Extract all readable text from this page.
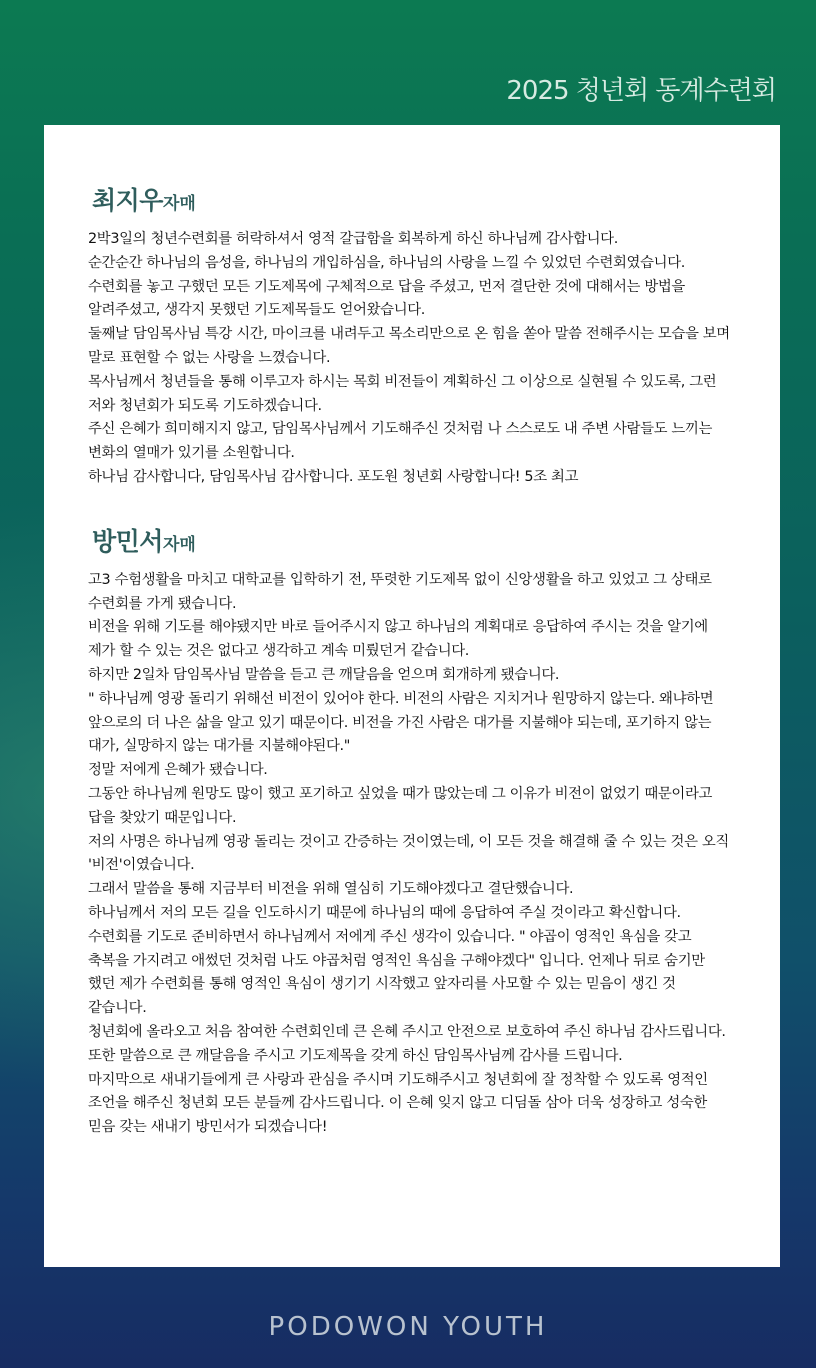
2025 청년회 동계수련회
최지우자매

2박3일의 청년수련회를 허락하셔서 영적 갈급함을 회복하게 하신 하나님께 감사합니다.

순간순간 하나님의 음성을, 하나님의 개입하심을, 하나님의 사랑을 느낄 수 있었던 수련회였습니다. 수련회를 놓고 구했던 모든 기도제목에 구체적으로 답을 주셨고, 먼저 결단한 것에 대해서는 방법을 알려주셨고, 생각지 못했던 기도제목들도 얻어왔습니다.

둘째날 담임목사님 특강 시간, 마이크를 내려두고 목소리만으로 온 힘을 쏟아 말씀 전해주시는 모습을 보며 말로 표현할 수 없는 사랑을 느꼈습니다.

목사님께서 청년들을 통해 이루고자 하시는 목회 비전들이 계획하신 그 이상으로 실현될 수 있도록, 그런 저와 청년회가 되도록 기도하겠습니다.

주신 은혜가 희미해지지 않고, 담임목사님께서 기도해주신 것처럼 나 스스로도 내 주변 사람들도 느끼는 변화의 열매가 있기를 소원합니다.

하나님 감사합니다, 담임목사님 감사합니다. 포도원 청년회 사랑합니다! 5조 최고

방민서자매

고3 수험생활을 마치고 대학교를 입학하기 전, 뚜렷한 기도제목 없이 신앙생활을 하고 있었고 그 상태로 수련회를 가게 됐습니다.

비전을 위해 기도를 해야됐지만 바로 들어주시지 않고 하나님의 계획대로 응답하여 주시는 것을 알기에 제가 할 수 있는 것은 없다고 생각하고 계속 미뤘던거 같습니다.

하지만 2일차 담임목사님 말씀을 듣고 큰 깨달음을 얻으며 회개하게 됐습니다.

" 하나님께 영광 돌리기 위해선 비전이 있어야 한다. 비전의 사람은 지치거나 원망하지 않는다. 왜냐하면 앞으로의 더 나은 삶을 알고 있기 때문이다. 비전을 가진 사람은 대가를 지불해야 되는데, 포기하지 않는 대가, 실망하지 않는 대가를 지불해야된다."

정말 저에게 은혜가 됐습니다.

그동안 하나님께 원망도 많이 했고 포기하고 싶었을 때가 많았는데 그 이유가 비전이 없었기 때문이라고 답을 찾았기 때문입니다.

저의 사명은 하나님께 영광 돌리는 것이고 간증하는 것이였는데, 이 모든 것을 해결해 줄 수 있는 것은 오직 '비전'이였습니다.

그래서 말씀을 통해 지금부터 비전을 위해 열심히 기도해야겠다고 결단했습니다.

하나님께서 저의 모든 길을 인도하시기 때문에 하나님의 때에 응답하여 주실 것이라고 확신합니다. 수련회를 기도로 준비하면서 하나님께서 저에게 주신 생각이 있습니다. " 야곱이 영적인 욕심을 갖고 축복을 가지려고 애썼던 것처럼 나도 야곱처럼 영적인 욕심을 구해야겠다" 입니다. 언제나 뒤로 숨기만 했던 제가 수련회를 통해 영적인 욕심이 생기기 시작했고 앞자리를 사모할 수 있는 믿음이 생긴 것 같습니다.

청년회에 올라오고 처음 참여한 수련회인데 큰 은혜 주시고 안전으로 보호하여 주신 하나님 감사드립니다. 또한 말씀으로 큰 깨달음을 주시고 기도제목을 갖게 하신 담임목사님께 감사를 드립니다.

마지막으로 새내기들에게 큰 사랑과 관심을 주시며 기도해주시고 청년회에 잘 정착할 수 있도록 영적인 조언을 해주신 청년회 모든 분들께 감사드립니다. 이 은혜 잊지 않고 디딤돌 삼아 더욱 성장하고 성숙한 믿음 갖는 새내기 방민서가 되겠습니다!

PODOWON YOUTH
